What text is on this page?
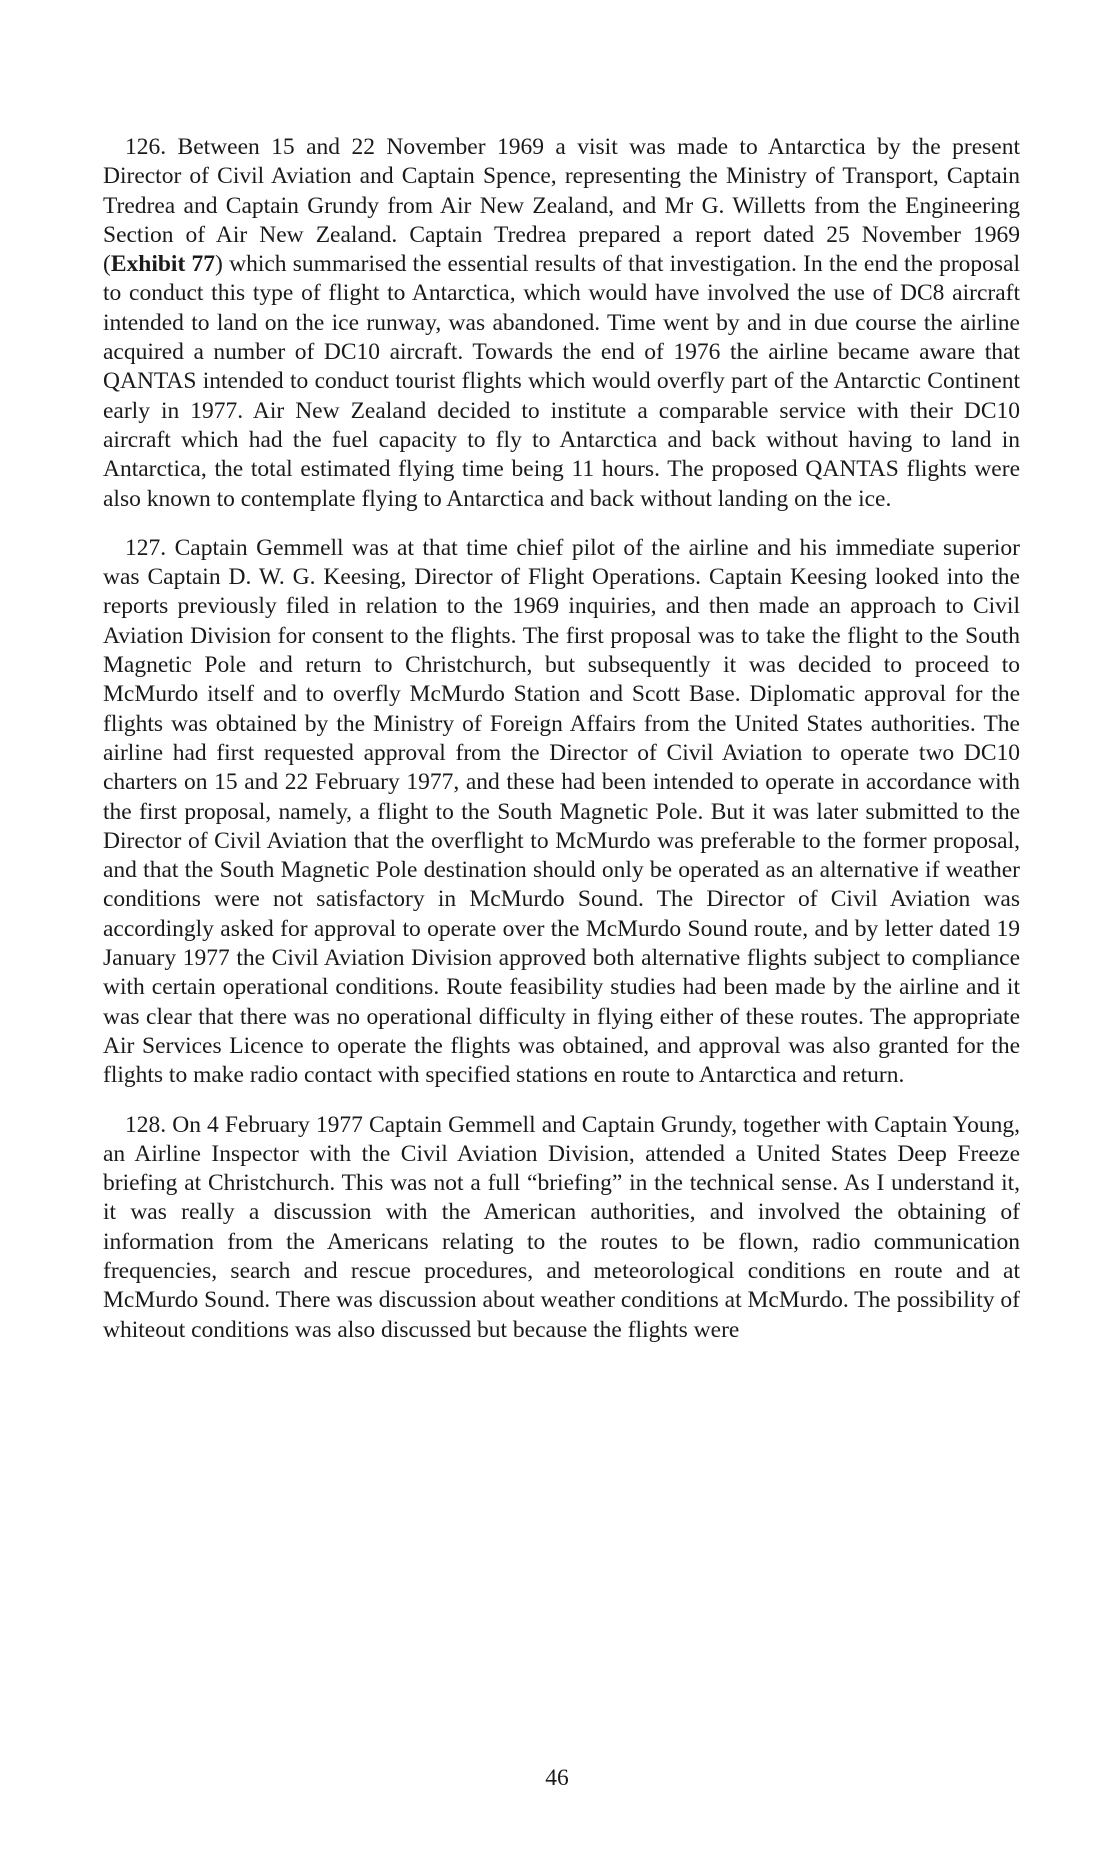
126. Between 15 and 22 November 1969 a visit was made to Antarctica by the present Director of Civil Aviation and Captain Spence, representing the Ministry of Transport, Captain Tredrea and Captain Grundy from Air New Zealand, and Mr G. Willetts from the Engineering Section of Air New Zealand. Captain Tredrea prepared a report dated 25 November 1969 (Exhibit 77) which summarised the essential results of that investigation. In the end the proposal to conduct this type of flight to Antarctica, which would have involved the use of DC8 aircraft intended to land on the ice runway, was abandoned. Time went by and in due course the airline acquired a number of DC10 aircraft. Towards the end of 1976 the airline became aware that QANTAS intended to conduct tourist flights which would overfly part of the Antarctic Continent early in 1977. Air New Zealand decided to institute a comparable service with their DC10 aircraft which had the fuel capacity to fly to Antarctica and back without having to land in Antarctica, the total estimated flying time being 11 hours. The proposed QANTAS flights were also known to contemplate flying to Antarctica and back without landing on the ice.

127. Captain Gemmell was at that time chief pilot of the airline and his immediate superior was Captain D. W. G. Keesing, Director of Flight Operations. Captain Keesing looked into the reports previously filed in relation to the 1969 inquiries, and then made an approach to Civil Aviation Division for consent to the flights. The first proposal was to take the flight to the South Magnetic Pole and return to Christchurch, but subsequently it was decided to proceed to McMurdo itself and to overfly McMurdo Station and Scott Base. Diplomatic approval for the flights was obtained by the Ministry of Foreign Affairs from the United States authorities. The airline had first requested approval from the Director of Civil Aviation to operate two DC10 charters on 15 and 22 February 1977, and these had been intended to operate in accordance with the first proposal, namely, a flight to the South Magnetic Pole. But it was later submitted to the Director of Civil Aviation that the overflight to McMurdo was preferable to the former proposal, and that the South Magnetic Pole destination should only be operated as an alternative if weather conditions were not satisfactory in McMurdo Sound. The Director of Civil Aviation was accordingly asked for approval to operate over the McMurdo Sound route, and by letter dated 19 January 1977 the Civil Aviation Division approved both alternative flights subject to compliance with certain operational conditions. Route feasibility studies had been made by the airline and it was clear that there was no operational difficulty in flying either of these routes. The appropriate Air Services Licence to operate the flights was obtained, and approval was also granted for the flights to make radio contact with specified stations en route to Antarctica and return.

128. On 4 February 1977 Captain Gemmell and Captain Grundy, together with Captain Young, an Airline Inspector with the Civil Aviation Division, attended a United States Deep Freeze briefing at Christchurch. This was not a full “briefing” in the technical sense. As I understand it, it was really a discussion with the American authorities, and involved the obtaining of information from the Americans relating to the routes to be flown, radio communication frequencies, search and rescue procedures, and meteorological conditions en route and at McMurdo Sound. There was discussion about weather conditions at McMurdo. The possibility of whiteout conditions was also discussed but because the flights were

46
